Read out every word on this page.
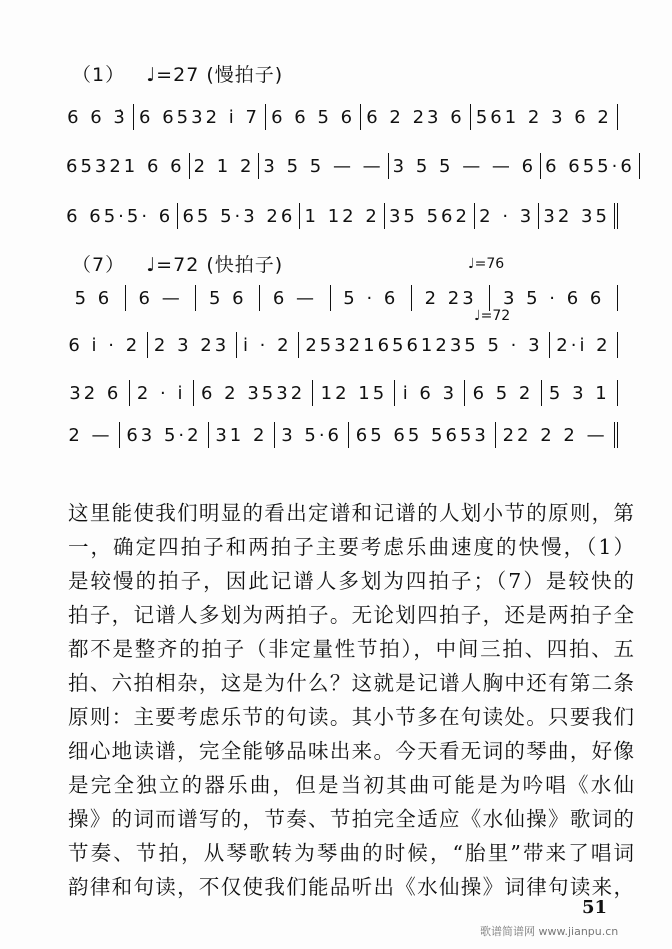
（1） ♩=27 (慢拍子)
6 6 3̇ 6 6532 i 7 6 6 5 6 6 2 23 6 561 2 3 6 2
65321 6 6 2 1 2 3 5 5 — — 3 5 5 — — 6 6 655·6
6 65·5· 6 65 5·3 26 1 12 2 35 562 2 · 3 32 35
（7） ♩=72 (快拍子)	♩=76
♩=72
5 6	6 —	5 6	6 —	5 · 6	2 23	3 5 · 6 6
6 i · 2 2 3 23 i · 2 253216561235 5 · 3 2·i 2
32 6 2 · i 6 2 3532 12 15 i 6 3 6 5 2 5 3 1
2 — 63 5·2 31 2 3 5·6 65 65 5653 22 2 2 —
这里能使我们明显的看出定谱和记谱的人划小节的原则，第
一，确定四拍子和两拍子主要考虑乐曲速度的快慢，（1）
是较慢的拍子，因此记谱人多划为四拍子；（7）是较快的
拍子，记谱人多划为两拍子。无论划四拍子，还是两拍子全
都不是整齐的拍子（非定量性节拍），中间三拍、四拍、五
拍、六拍相杂，这是为什么？这就是记谱人胸中还有第二条
原则：主要考虑乐节的句读。其小节多在句读处。只要我们
细心地读谱，完全能够品味出来。今天看无词的琴曲，好像
是完全独立的器乐曲，但是当初其曲可能是为吟唱《水仙
操》的词而谱写的，节奏、节拍完全适应《水仙操》歌词的
节奏、节拍，从琴歌转为琴曲的时候，“胎里”带来了唱词
韵律和句读，不仅使我们能品听出《水仙操》词律句读来，
51
歌谱简谱网 www.jianpu.cn
